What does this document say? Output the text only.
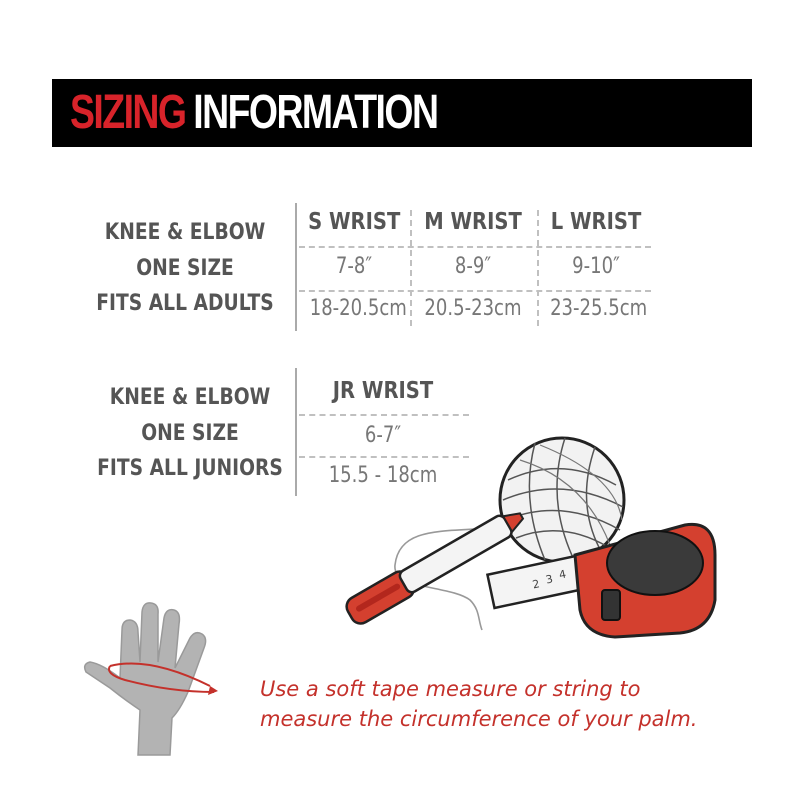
SIZING INFORMATION
KNEE & ELBOW
ONE SIZE
FITS ALL ADULTS
S WRIST M WRIST L WRIST
7-8″	8-9″	9-10″
18-20.5cm 20.5-23cm 23-25.5cm
KNEE & ELBOW
ONE SIZE
FITS ALL JUNIORS
JR WRIST
6-7″
15.5 - 18cm
2 3 4
Use a soft tape measure or string to
measure the circumference of your palm.
